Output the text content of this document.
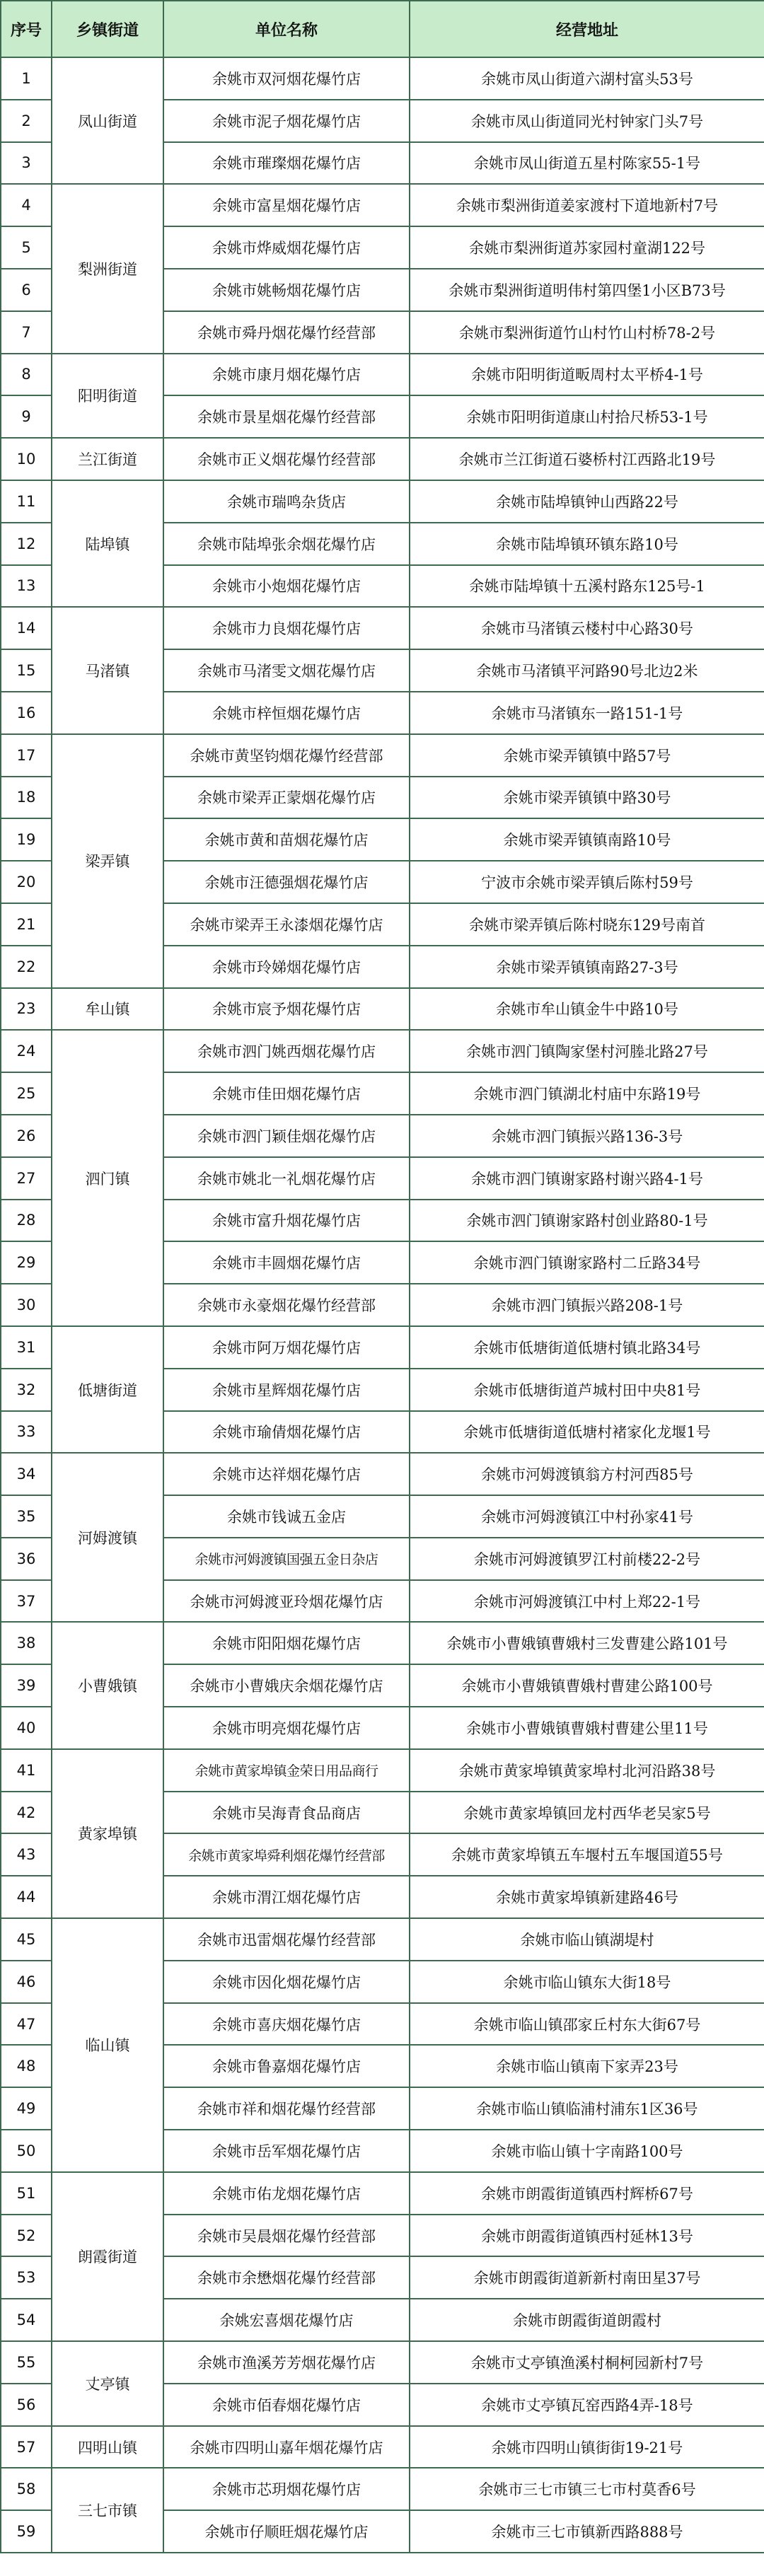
序号	乡镇街道	单位名称	经营地址
1	凤山街道	余姚市双河烟花爆竹店	余姚市凤山街道六湖村富头53号
2		余姚市泥子烟花爆竹店	余姚市凤山街道同光村钟家门头7号
3		余姚市璀璨烟花爆竹店	余姚市凤山街道五星村陈家55-1号
4	梨洲街道	余姚市富星烟花爆竹店	余姚市梨洲街道姜家渡村下道地新村7号
5		余姚市烨威烟花爆竹店	余姚市梨洲街道苏家园村童湖122号
6		余姚市姚畅烟花爆竹店	余姚市梨洲街道明伟村第四堡1小区B73号
7		余姚市舜丹烟花爆竹经营部	余姚市梨洲街道竹山村竹山村桥78-2号
8	阳明街道	余姚市康月烟花爆竹店	余姚市阳明街道畈周村太平桥4-1号
9		余姚市景星烟花爆竹经营部	余姚市阳明街道康山村拾尺桥53-1号
10	兰江街道	余姚市正义烟花爆竹经营部	余姚市兰江街道石婆桥村江西路北19号
11	陆埠镇	余姚市瑞鸣杂货店	余姚市陆埠镇钟山西路22号
12		余姚市陆埠张余烟花爆竹店	余姚市陆埠镇环镇东路10号
13		余姚市小炮烟花爆竹店	余姚市陆埠镇十五溪村路东125号-1
14	马渚镇	余姚市力良烟花爆竹店	余姚市马渚镇云楼村中心路30号
15		余姚市马渚雯文烟花爆竹店	余姚市马渚镇平河路90号北边2米
16		余姚市梓恒烟花爆竹店	余姚市马渚镇东一路151-1号
17	梁弄镇	余姚市黄坚钧烟花爆竹经营部	余姚市梁弄镇镇中路57号
18		余姚市梁弄正蒙烟花爆竹店	余姚市梁弄镇镇中路30号
19		余姚市黄和苗烟花爆竹店	余姚市梁弄镇镇南路10号
20		余姚市汪德强烟花爆竹店	宁波市余姚市梁弄镇后陈村59号
21		余姚市梁弄王永漆烟花爆竹店	余姚市梁弄镇后陈村晓东129号南首
22		余姚市玲娣烟花爆竹店	余姚市梁弄镇镇南路27-3号
23	牟山镇	余姚市宸予烟花爆竹店	余姚市牟山镇金牛中路10号
24	泗门镇	余姚市泗门姚西烟花爆竹店	余姚市泗门镇陶家堡村河塍北路27号
25		余姚市佳田烟花爆竹店	余姚市泗门镇湖北村庙中东路19号
26		余姚市泗门颖佳烟花爆竹店	余姚市泗门镇振兴路136-3号
27		余姚市姚北一礼烟花爆竹店	余姚市泗门镇谢家路村谢兴路4-1号
28		余姚市富升烟花爆竹店	余姚市泗门镇谢家路村创业路80-1号
29		余姚市丰圆烟花爆竹店	余姚市泗门镇谢家路村二丘路34号
30		余姚市永豪烟花爆竹经营部	余姚市泗门镇振兴路208-1号
31	低塘街道	余姚市阿万烟花爆竹店	余姚市低塘街道低塘村镇北路34号
32		余姚市星辉烟花爆竹店	余姚市低塘街道芦城村田中央81号
33		余姚市瑜倩烟花爆竹店	余姚市低塘街道低塘村褚家化龙堰1号
34	河姆渡镇	余姚市达祥烟花爆竹店	余姚市河姆渡镇翁方村河西85号
35		余姚市钱诚五金店	余姚市河姆渡镇江中村孙家41号
36		余姚市河姆渡镇国强五金日杂店	余姚市河姆渡镇罗江村前楼22-2号
37		余姚市河姆渡亚玲烟花爆竹店	余姚市河姆渡镇江中村上郑22-1号
38	小曹娥镇	余姚市阳阳烟花爆竹店	余姚市小曹娥镇曹娥村三发曹建公路101号
39		余姚市小曹娥庆余烟花爆竹店	余姚市小曹娥镇曹娥村曹建公路100号
40		余姚市明亮烟花爆竹店	余姚市小曹娥镇曹娥村曹建公里11号
41	黄家埠镇	余姚市黄家埠镇金荣日用品商行	余姚市黄家埠镇黄家埠村北河沿路38号
42		余姚市吴海青食品商店	余姚市黄家埠镇回龙村西华老吴家5号
43		余姚市黄家埠舜利烟花爆竹经营部	余姚市黄家埠镇五车堰村五车堰国道55号
44		余姚市渭江烟花爆竹店	余姚市黄家埠镇新建路46号
45	临山镇	余姚市迅雷烟花爆竹经营部	余姚市临山镇湖堤村
46		余姚市因化烟花爆竹店	余姚市临山镇东大街18号
47		余姚市喜庆烟花爆竹店	余姚市临山镇邵家丘村东大街67号
48		余姚市鲁嘉烟花爆竹店	余姚市临山镇南下家弄23号
49		余姚市祥和烟花爆竹经营部	余姚市临山镇临浦村浦东1区36号
50		余姚市岳军烟花爆竹店	余姚市临山镇十字南路100号
51	朗霞街道	余姚市佑龙烟花爆竹店	余姚市朗霞街道镇西村辉桥67号
52		余姚市吴晨烟花爆竹经营部	余姚市朗霞街道镇西村延林13号
53		余姚市余懋烟花爆竹经营部	余姚市朗霞街道新新村南田星37号
54		余姚宏喜烟花爆竹店	余姚市朗霞街道朗霞村
55	丈亭镇	余姚市渔溪芳芳烟花爆竹店	余姚市丈亭镇渔溪村桐柯园新村7号
56		余姚市佰春烟花爆竹店	余姚市丈亭镇瓦窑西路4弄-18号
57	四明山镇	余姚市四明山嘉年烟花爆竹店	余姚市四明山镇街街19-21号
58	三七市镇	余姚市芯玥烟花爆竹店	余姚市三七市镇三七市村莫香6号
59		余姚市仔顺旺烟花爆竹店	余姚市三七市镇新西路888号
